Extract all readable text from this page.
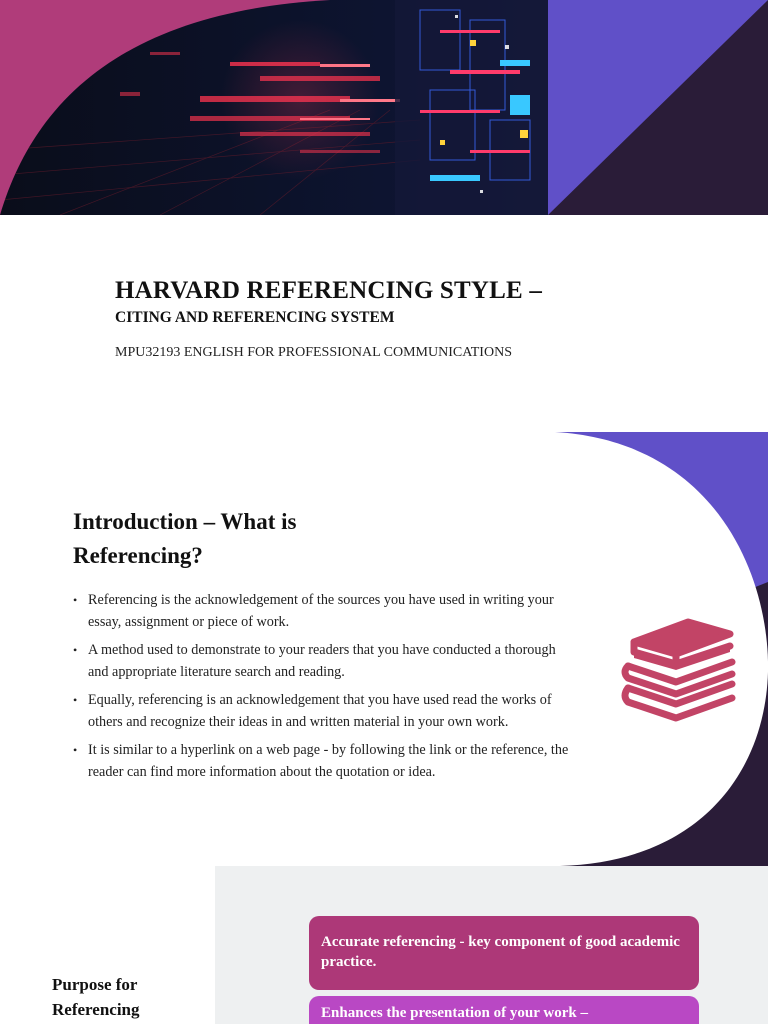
HARVARD REFERENCING STYLE –
CITING AND REFERENCING SYSTEM

MPU32193 ENGLISH FOR PROFESSIONAL COMMUNICATIONS

Introduction – What is
Referencing?
• Referencing is the acknowledgement of the sources you have used in writing your essay, assignment or piece of work.
• A method used to demonstrate to your readers that you have conducted a thorough and appropriate literature search and reading.
• Equally, referencing is an acknowledgement that you have used read the works of others and recognize their ideas in and written material in your own work.
• It is similar to a hyperlink on a web page - by following the link or the reference, the reader can find more information about the quotation or idea.
Purpose for
Referencing
Accurate referencing - key component of good academic practice.
Enhances the presentation of your work –
